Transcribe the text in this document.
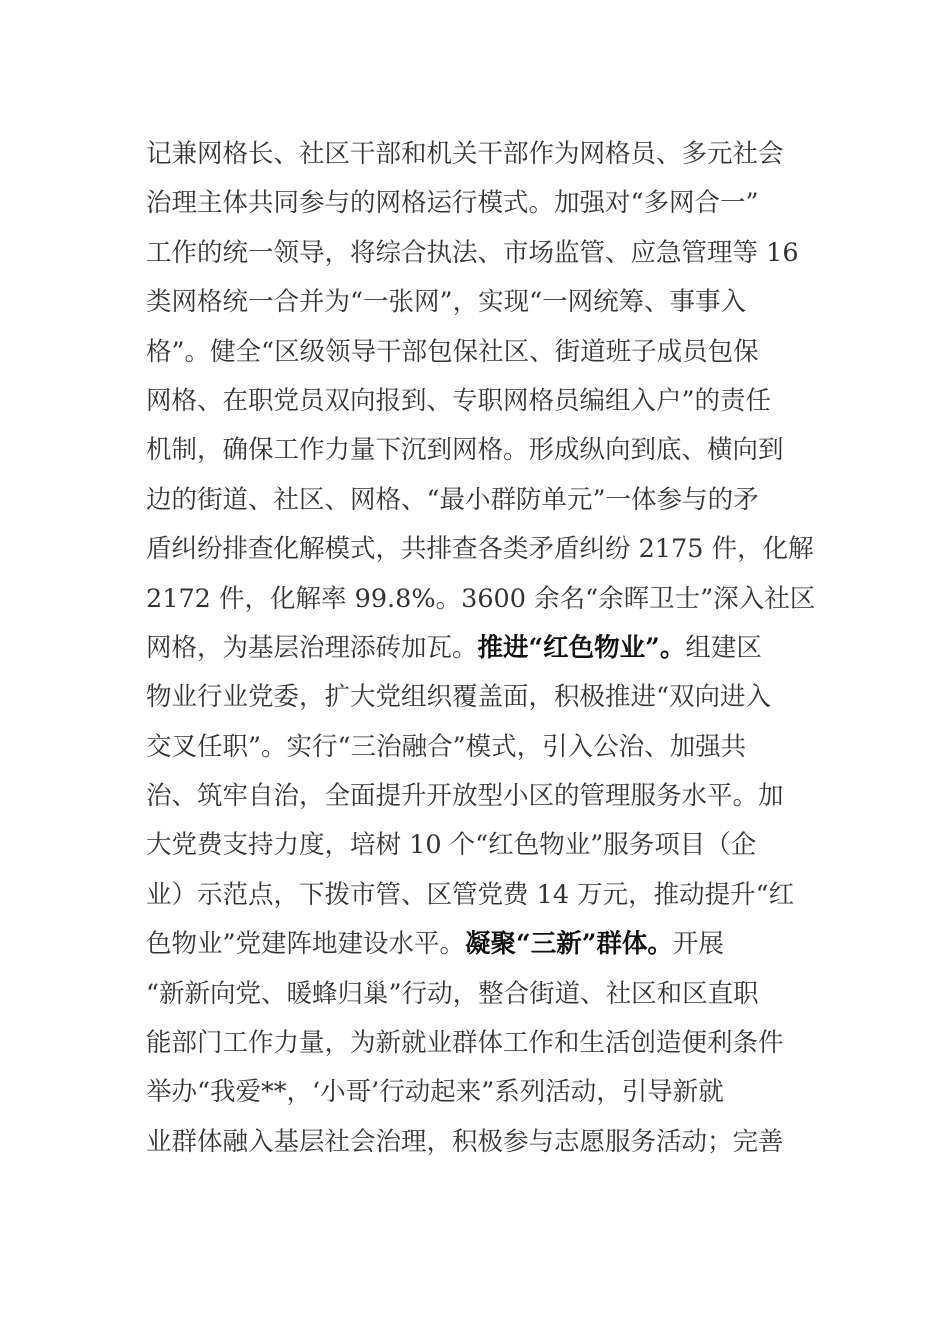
记兼网格长、社区干部和机关干部作为网格员、多元社会
治理主体共同参与的网格运行模式。加强对“多网合一”
工作的统一领导，将综合执法、市场监管、应急管理等 16
类网格统一合并为“一张网”，实现“一网统筹、事事入
格”。健全“区级领导干部包保社区、街道班子成员包保
网格、在职党员双向报到、专职网格员编组入户”的责任
机制，确保工作力量下沉到网格。形成纵向到底、横向到
边的街道、社区、网格、“最小群防单元”一体参与的矛
盾纠纷排查化解模式，共排查各类矛盾纠纷 2175 件，化解
2172 件，化解率 99.8%。3600 余名“余晖卫士”深入社区
网格，为基层治理添砖加瓦。推进“红色物业”。组建区
物业行业党委，扩大党组织覆盖面，积极推进“双向进入
交叉任职”。实行“三治融合”模式，引入公治、加强共
治、筑牢自治，全面提升开放型小区的管理服务水平。加
大党费支持力度，培树 10 个“红色物业”服务项目（企
业）示范点，下拨市管、区管党费 14 万元，推动提升“红
色物业”党建阵地建设水平。凝聚“三新”群体。开展
“新新向党、暖蜂归巢”行动，整合街道、社区和区直职
能部门工作力量，为新就业群体工作和生活创造便利条件
举办“我爱**，‘小哥’行动起来”系列活动，引导新就
业群体融入基层社会治理，积极参与志愿服务活动；完善
